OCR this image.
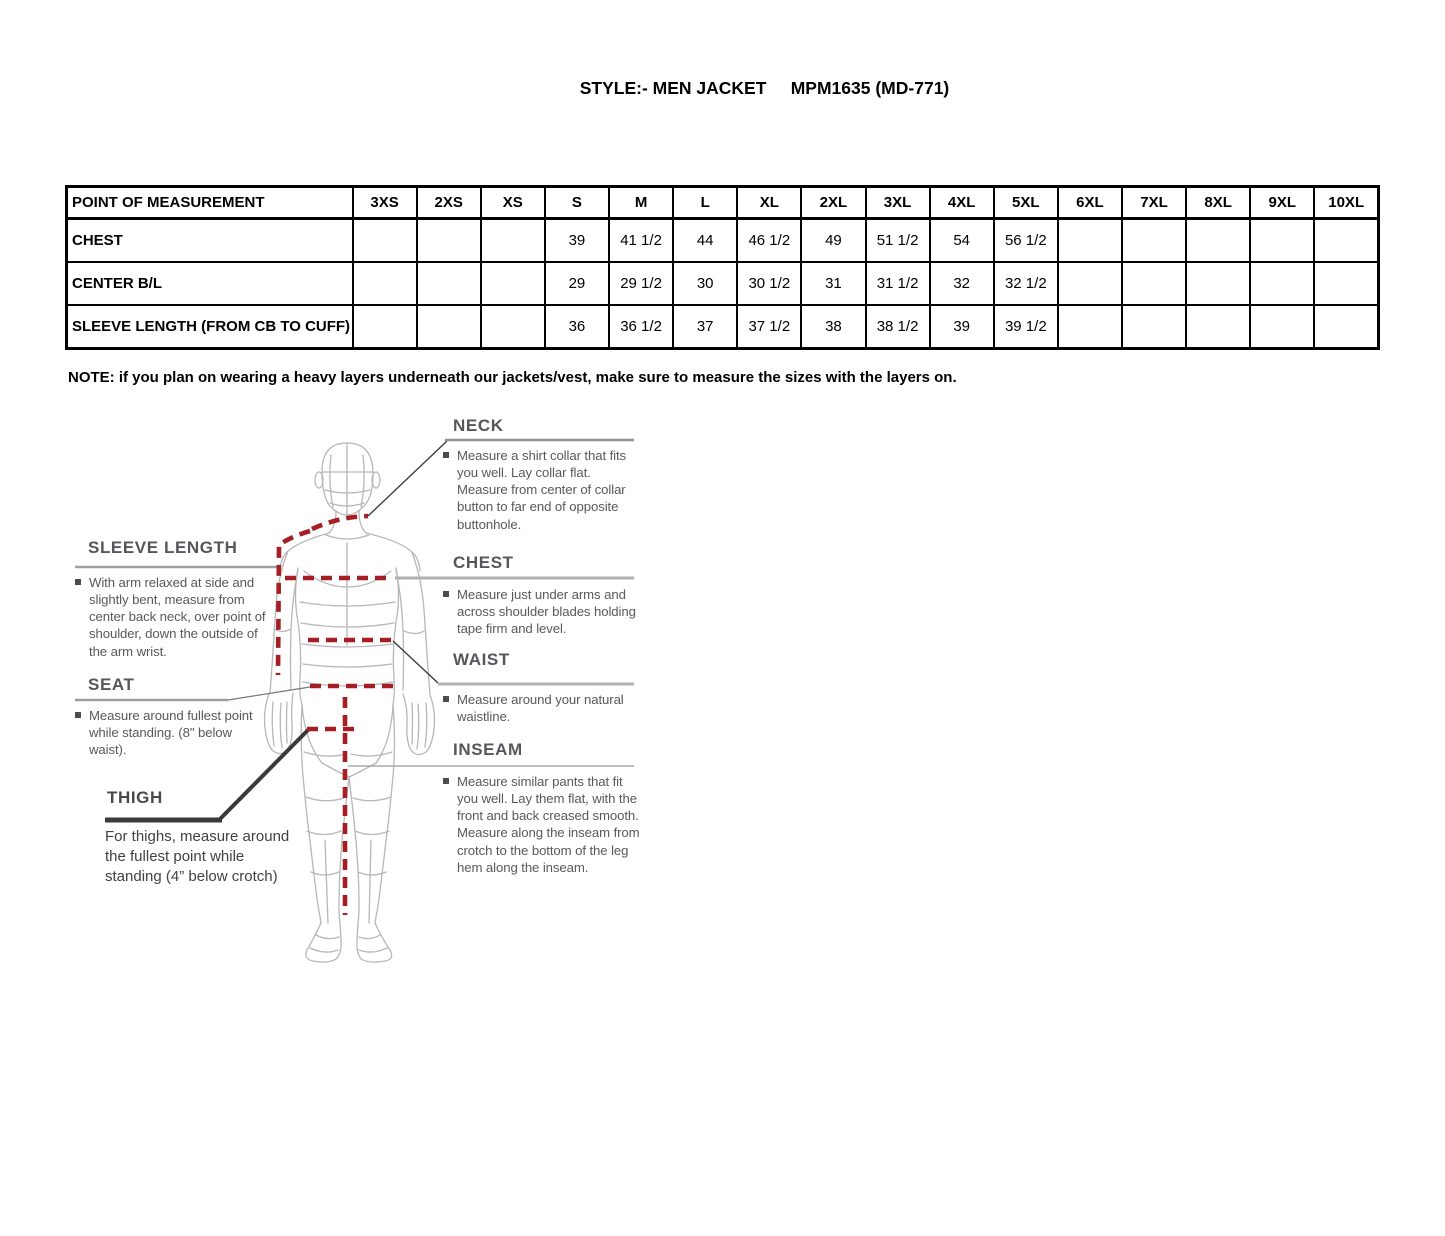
STYLE:- MEN JACKET     MPM1635 (MD-771)
POINT OF MEASUREMENT	3XS	2XS	XS	S	M	L	XL	2XL	3XL	4XL	5XL	6XL	7XL	8XL	9XL	10XL
CHEST				39	41 1/2	44	46 1/2	49	51 1/2	54	56 1/2					
CENTER B/L				29	29 1/2	30	30 1/2	31	31 1/2	32	32 1/2					
SLEEVE LENGTH (FROM CB TO CUFF)				36	36 1/2	37	37 1/2	38	38 1/2	39	39 1/2					
NOTE: if you plan on wearing a heavy layers underneath our jackets/vest, make sure to measure the sizes with the layers on.
NECK
Measure a shirt collar that fits you well. Lay collar flat. Measure from center of collar button to far end of opposite buttonhole.
CHEST
Measure just under arms and across shoulder blades holding tape firm and level.
WAIST
Measure around your natural waistline.
INSEAM
Measure similar pants that fit you well. Lay them flat, with the front and back creased smooth. Measure along the inseam from crotch to the bottom of the leg hem along the inseam.
SLEEVE LENGTH
With arm relaxed at side and slightly bent, measure from center back neck, over point of shoulder, down the outside of the arm wrist.
SEAT
Measure around fullest point while standing. (8" below waist).
THIGH
For thighs, measure around the fullest point while standing (4” below crotch)
